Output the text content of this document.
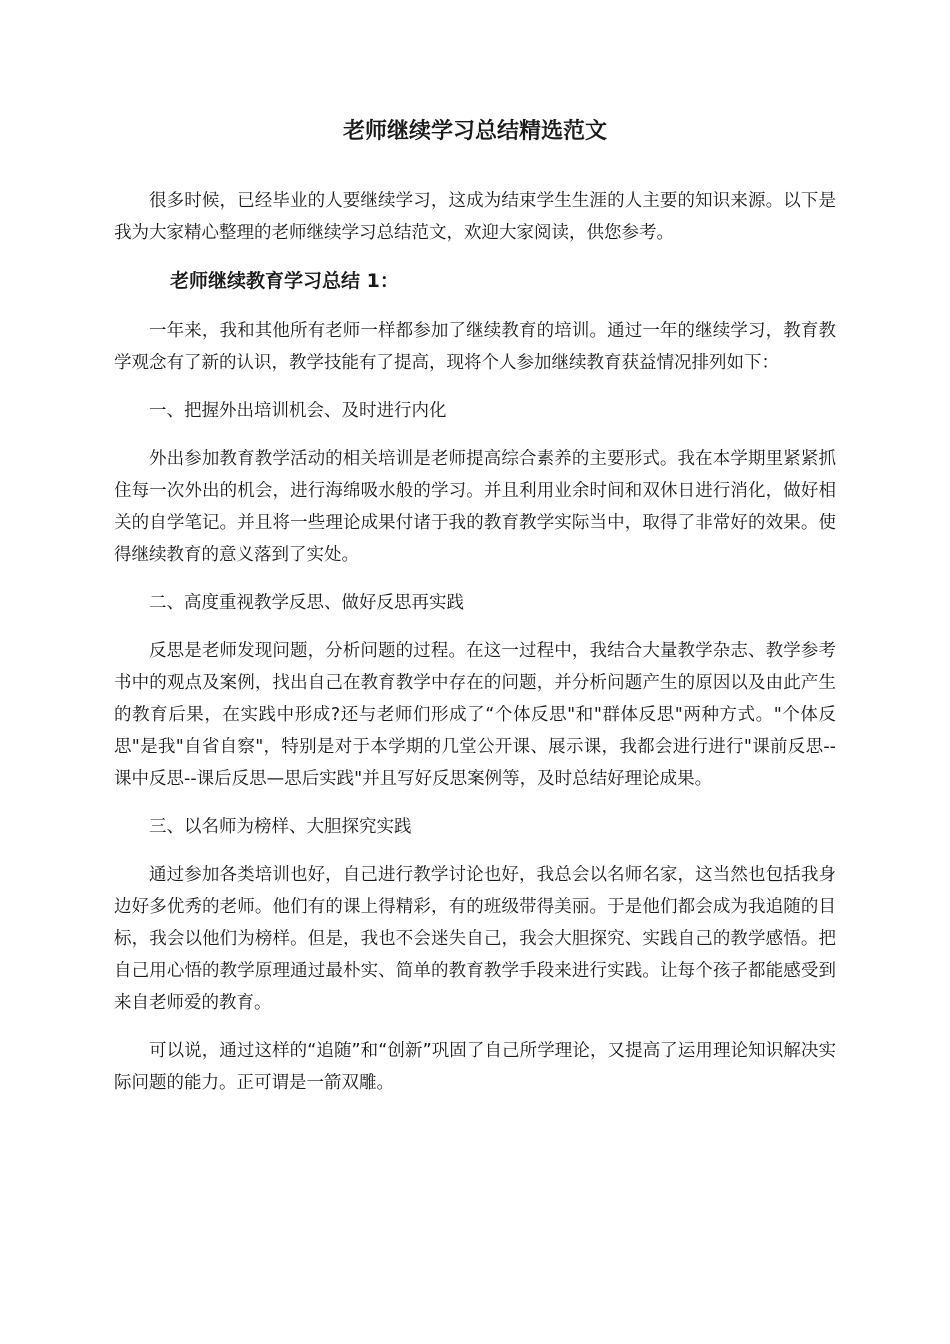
老师继续学习总结精选范文

很多时候，已经毕业的人要继续学习，这成为结束学生生涯的人主要的知识来源。以下是我为大家精心整理的老师继续学习总结范文，欢迎大家阅读，供您参考。

老师继续教育学习总结 1：

一年来，我和其他所有老师一样都参加了继续教育的培训。通过一年的继续学习，教育教学观念有了新的认识，教学技能有了提高，现将个人参加继续教育获益情况排列如下：

一、把握外出培训机会、及时进行内化

外出参加教育教学活动的相关培训是老师提高综合素养的主要形式。我在本学期里紧紧抓住每一次外出的机会，进行海绵吸水般的学习。并且利用业余时间和双休日进行消化，做好相关的自学笔记。并且将一些理论成果付诸于我的教育教学实际当中，取得了非常好的效果。使得继续教育的意义落到了实处。

二、高度重视教学反思、做好反思再实践

反思是老师发现问题，分析问题的过程。在这一过程中，我结合大量教学杂志、教学参考书中的观点及案例，找出自己在教育教学中存在的问题，并分析问题产生的原因以及由此产生的教育后果，在实践中形成?还与老师们形成了“个体反思"和"群体反思"两种方式。"个体反思"是我"自省自察"，特别是对于本学期的几堂公开课、展示课，我都会进行进行"课前反思--课中反思--课后反思—思后实践"并且写好反思案例等，及时总结好理论成果。

三、以名师为榜样、大胆探究实践

通过参加各类培训也好，自己进行教学讨论也好，我总会以名师名家，这当然也包括我身边好多优秀的老师。他们有的课上得精彩，有的班级带得美丽。于是他们都会成为我追随的目标，我会以他们为榜样。但是，我也不会迷失自己，我会大胆探究、实践自己的教学感悟。把自己用心悟的教学原理通过最朴实、简单的教育教学手段来进行实践。让每个孩子都能感受到来自老师爱的教育。

可以说，通过这样的“追随”和“创新”巩固了自己所学理论，又提高了运用理论知识解决实际问题的能力。正可谓是一箭双雕。
